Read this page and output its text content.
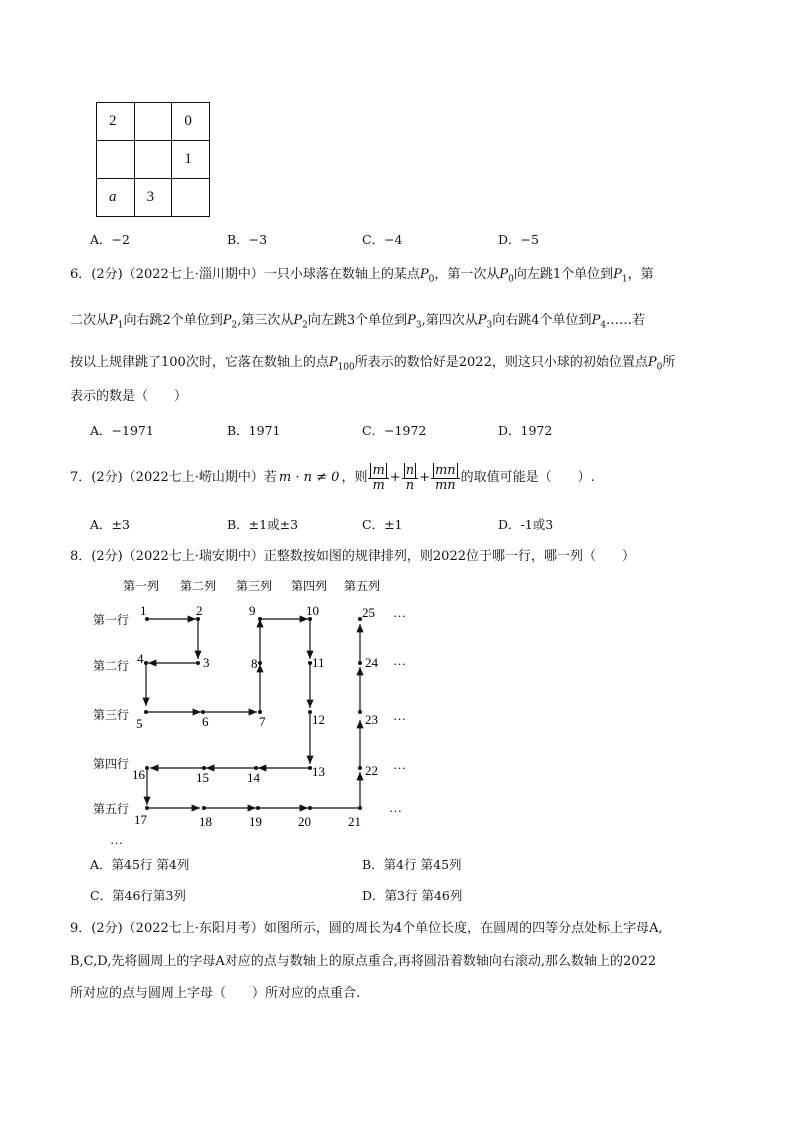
2		0
		1
a	3	
A．−2	B．−3	C．−4	D．−5
6．(2分)（2022七上·淄川期中）一只小球落在数轴上的某点$P_0$，第一次从$P_0$向左跳1个单位到$P_1$，第
二次从$P_1$向右跳2个单位到$P_2$,第三次从$P_2$向左跳3个单位到$P_3$,第四次从$P_3$向右跳4个单位到$P_4\dots\dots$若
按以上规律跳了100次时，它落在数轴上的点$P_{100}$所表示的数恰好是2022，则这只小球的初始位置点$P_0$所
表示的数是（　　）
A．−1971	B．1971	C．−1972	D．1972
7．(2分)（2022七上·崂山期中）若 m · n ≠ 0 ，则 $\frac{m}{m} + \frac{n}{n} + \frac{mn}{mn}$ 的取值可能是（　　）.
A．±3	B．±1或±3	C．±1	D．-1或3
8．(2分)（2022七上·瑞安期中）正整数按如图的规律排列，则2022位于哪一行，哪一列（　　）
第一列 第二列 第三列 第四列 第五列
第一行
第二行
第三行
第四行
第五行
1	2
3
4
5	6	7
8
9	10
11
12
13
14
15
16
17	18	19	20	21
22
23
24
25 …
…
…
…
…
…
A．第45行 第4列	B．第4行 第45列
C．第46行第3列	D．第3行 第46列
9．(2分)（2022七上·东阳月考）如图所示，圆的周长为4个单位长度，在圆周的四等分点处标上字母A,
B,C,D,先将圆周上的字母A对应的点与数轴上的原点重合,再将圆沿着数轴向右滚动,那么数轴上的2022
所对应的点与圆周上字母（　　）所对应的点重合.
